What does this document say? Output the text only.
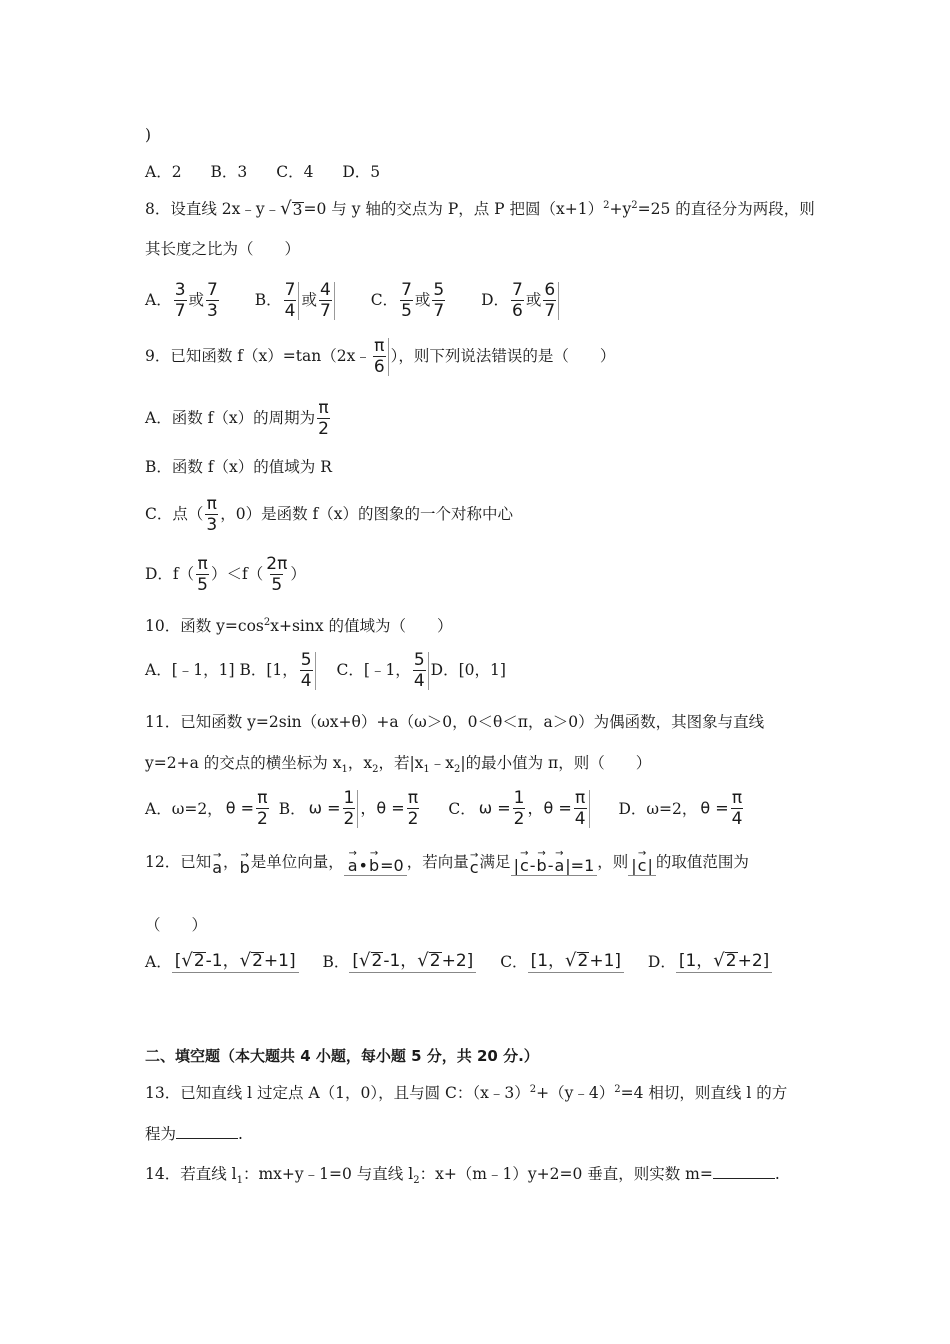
)
A．2 B．3 C．4 D．5
8．设直线 2x﹣y﹣ √ 3 =0 与 y 轴的交点为 P，点 P 把圆$(x+1)^2+y^2=25$ 的直径分为两段，则
其长度之比为（　　）
A． $\frac{3}{7}$ 或 $\frac{7}{3}$ B． $\frac{7}{4}$ 或 $\frac{4}{7}$ C． $\frac{7}{5}$ 或 $\frac{5}{7}$ D． $\frac{7}{6}$ 或 $\frac{6}{7}$
9．已知函数 f（x）=tan（2x﹣ $\frac{\pi}{6}$ ），则下列说法错误的是（　　）
A．函数 f（x）的周期为 $\frac{\pi}{2}$
B．函数 f（x）的值域为 R
C．点（ $\frac{\pi}{3}$ ，0）是函数 f（x）的图象的一个对称中心
D．$f( \frac{\pi}{5} )<f( \frac{2\pi}{5}$ ）
10．函数 $y=\cos^2x+\sin x$ 的值域为（　　）
A．[﹣1，1] B．[1， $\frac{5}{4}$ C．[﹣1， $\frac{5}{4}$ D．[0，1]
11．已知函数 y=2sin（ωx+θ）+a（ω＞0，0＜θ＜π，a＞0）为偶函数，其图象与直线
y=2+a 的交点的横坐标为 $x_1$，$x_2$，若$|x_1﹣x_2|$的最小值为 π，则（　　）
A．ω=2， $\theta = \frac{\pi}{2}$ B． $\omega = \frac{1}{2}$ ，$\theta = \frac{\pi}{2}$ C． $\omega = \frac{1}{2}$ ，$\theta = \frac{\pi}{4}$ D．ω=2， $\theta = \frac{\pi}{4}$
12．已知 →
a ， →
b 是单位向量， →
a •
→
b =0 ，若向量 →
c 满足 |
→
c -
→
b -
→
a |=1 ，则 |
→
c | 的取值范围为
（　　）
A． [ √ 2 -1， √ 2 +1] B． [ √ 2 -1， √ 2 +2] C． [1， √ 2 +1] D． [1， √ 2 +2]
二、填空题（本大题共 4 小题，每小题 5 分，共 20 分.）
13．已知直线 l 过定点 A（1，0），且与圆 C：（x﹣3）$^2$+（y﹣4）$^2$=4 相切，则直线 l 的方
程为	.
14．若直线 $l_1$：mx+y﹣1=0 与直线 $l_2$：x+（m﹣1）y+2=0 垂直，则实数 m=	.
